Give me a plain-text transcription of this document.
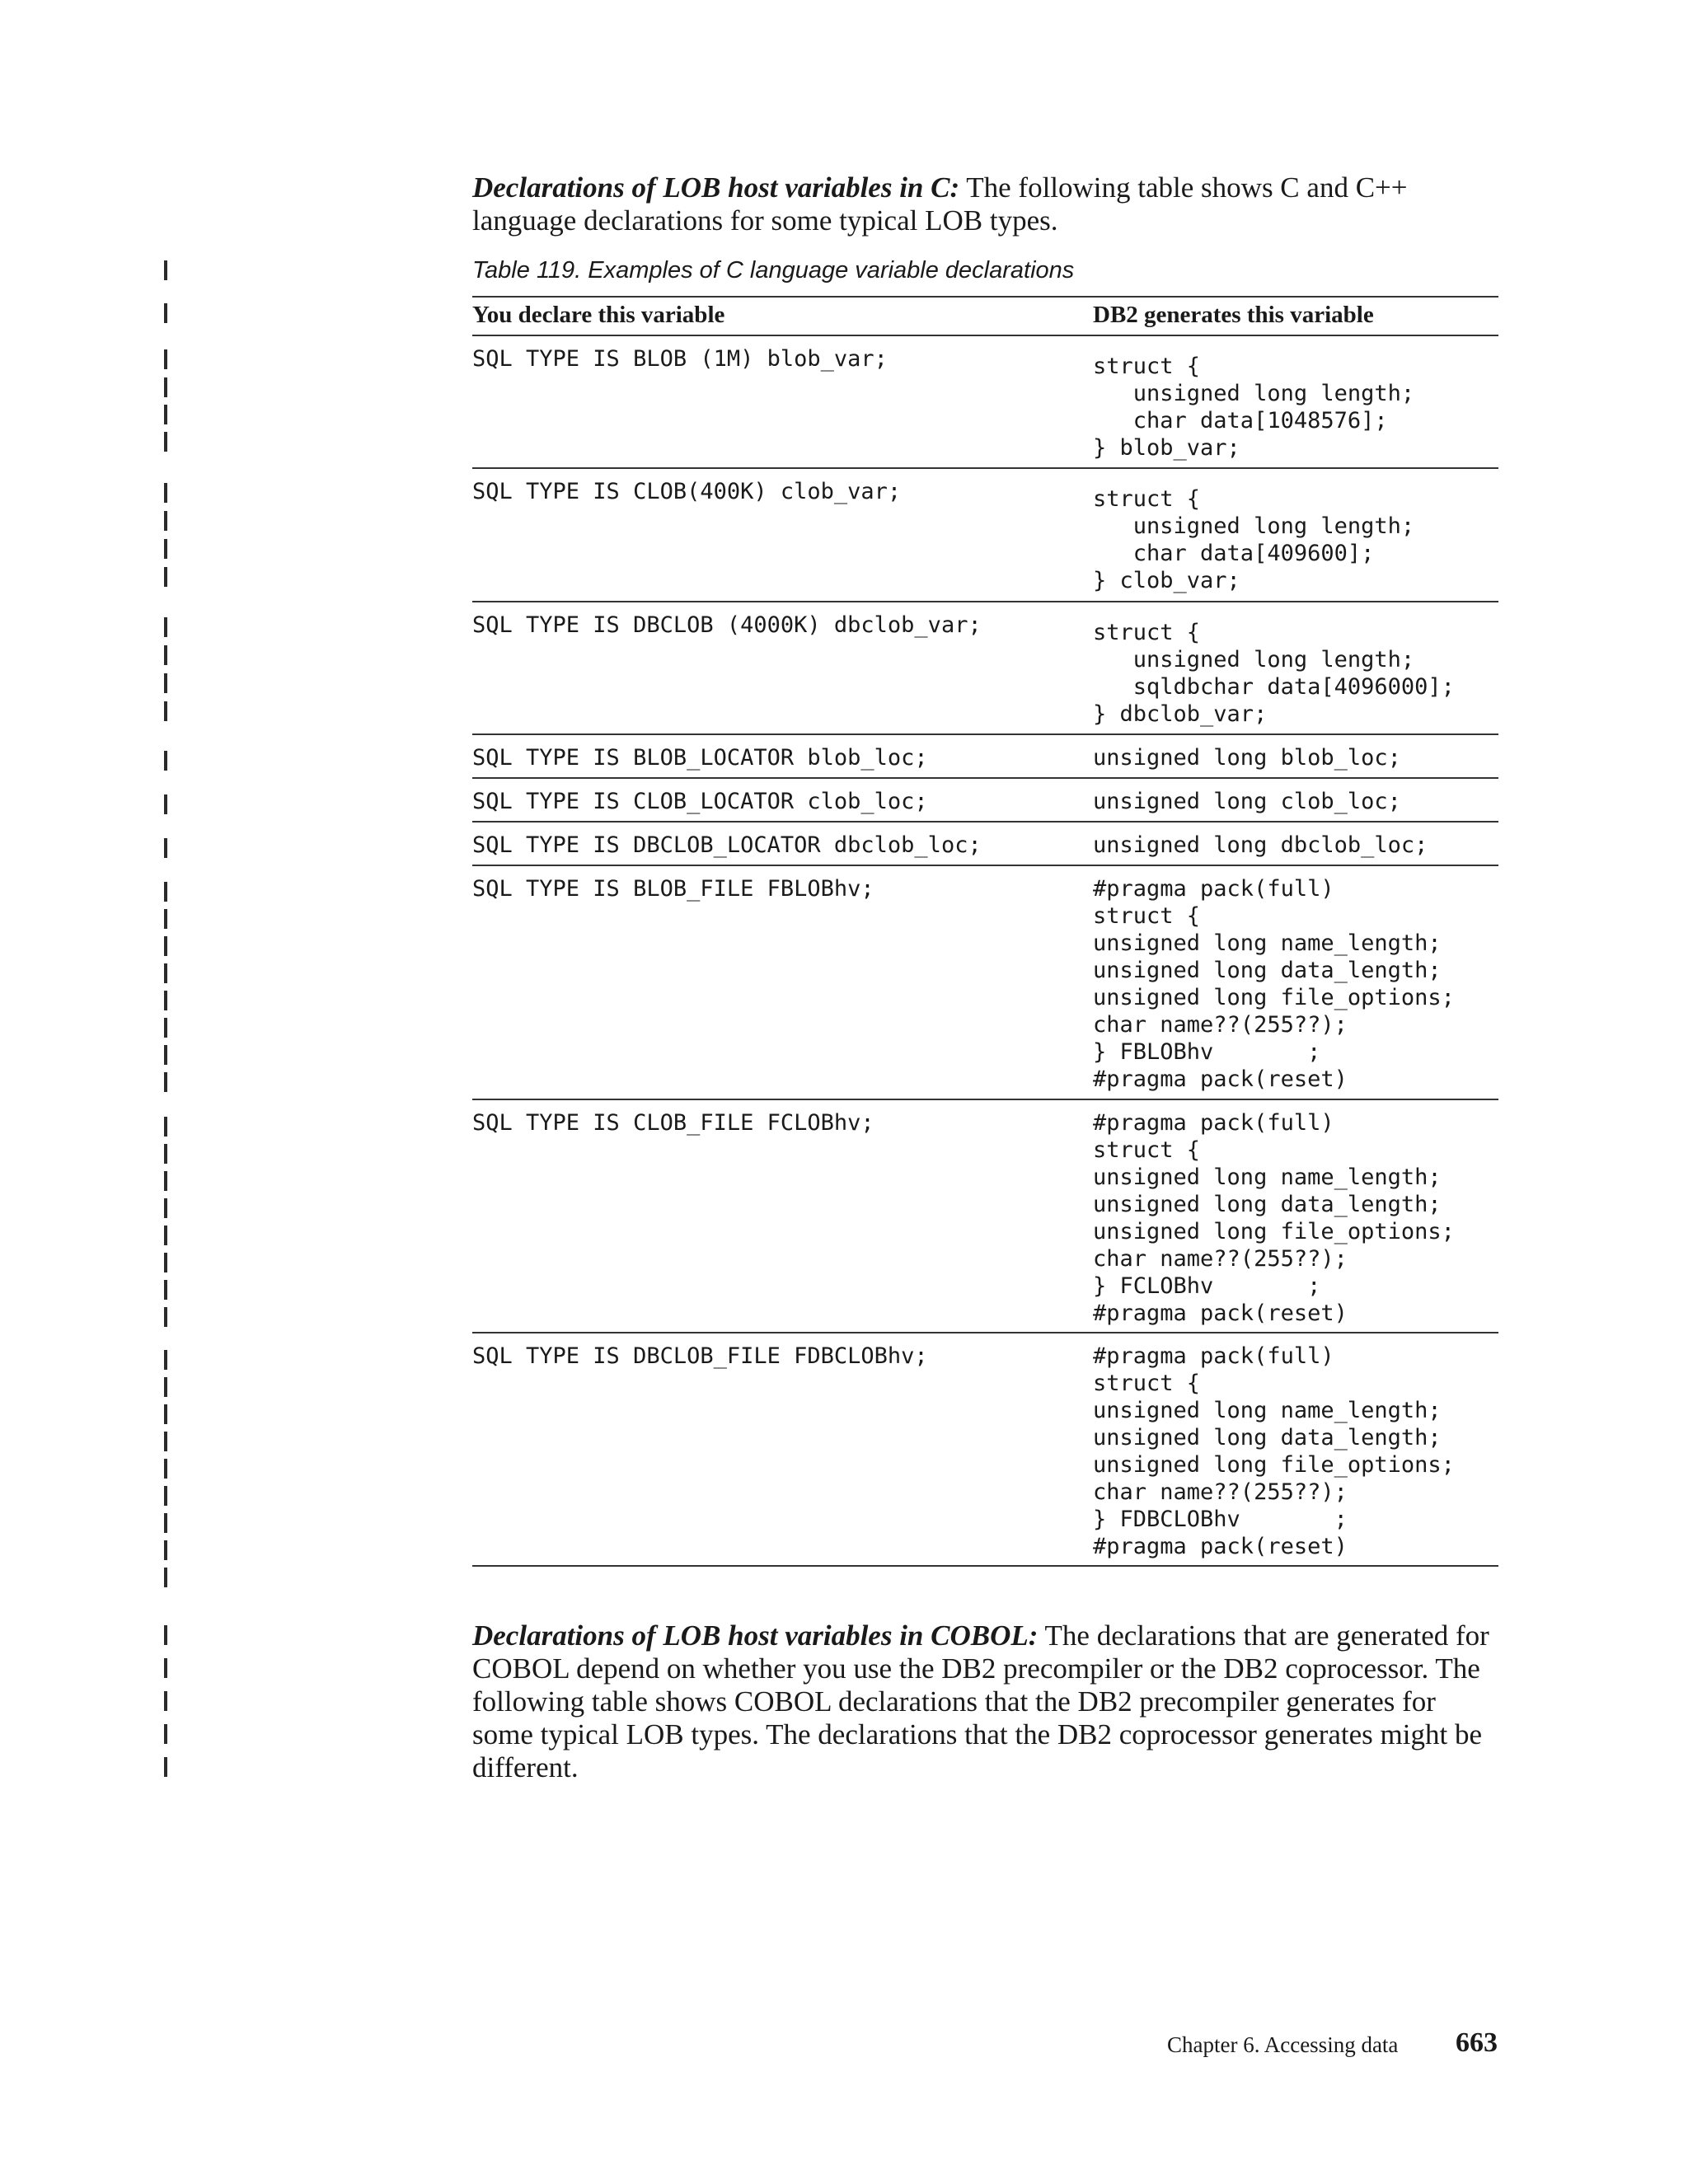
Declarations of LOB host variables in C: The following table shows C and C++ language declarations for some typical LOB types.

Table 119. Examples of C language variable declarations

You declare this variable	DB2 generates this variable
SQL TYPE IS BLOB (1M) blob_var;	struct {
unsigned long length;
char data[1048576];
} blob_var;
SQL TYPE IS CLOB(400K) clob_var;	struct {
unsigned long length;
char data[409600];
} clob_var;
SQL TYPE IS DBCLOB (4000K) dbclob_var;	struct {
unsigned long length;
sqldbchar data[4096000];
} dbclob_var;
SQL TYPE IS BLOB_LOCATOR blob_loc;	unsigned long blob_loc;
SQL TYPE IS CLOB_LOCATOR clob_loc;	unsigned long clob_loc;
SQL TYPE IS DBCLOB_LOCATOR dbclob_loc;	unsigned long dbclob_loc;
SQL TYPE IS BLOB_FILE FBLOBhv;	#pragma pack(full)
struct {
unsigned long name_length;
unsigned long data_length;
unsigned long file_options;
char name??(255??);
} FBLOBhv       ;
#pragma pack(reset)
SQL TYPE IS CLOB_FILE FCLOBhv;	#pragma pack(full)
struct {
unsigned long name_length;
unsigned long data_length;
unsigned long file_options;
char name??(255??);
} FCLOBhv       ;
#pragma pack(reset)
SQL TYPE IS DBCLOB_FILE FDBCLOBhv;	#pragma pack(full)
struct {
unsigned long name_length;
unsigned long data_length;
unsigned long file_options;
char name??(255??);
} FDBCLOBhv       ;
#pragma pack(reset)

Declarations of LOB host variables in COBOL: The declarations that are generated for COBOL depend on whether you use the DB2 precompiler or the DB2 coprocessor. The following table shows COBOL declarations that the DB2 precompiler generates for some typical LOB types. The declarations that the DB2 coprocessor generates might be different.

Chapter 6. Accessing data 663
